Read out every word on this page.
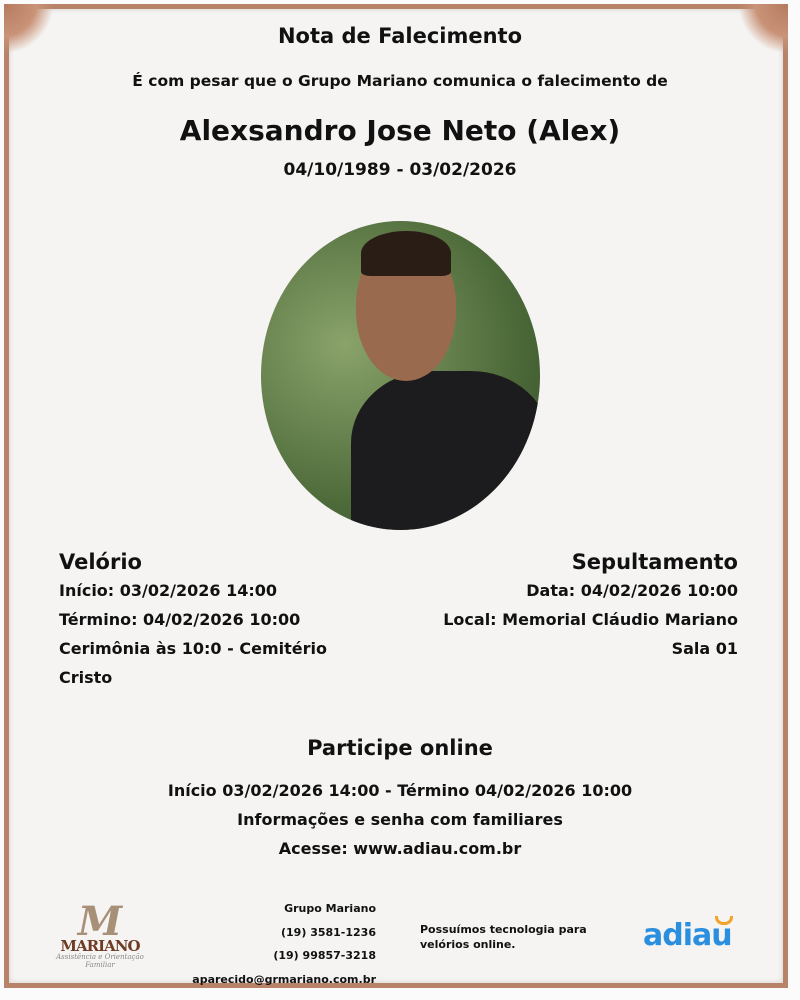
Nota de Falecimento
É com pesar que o Grupo Mariano comunica o falecimento de
Alexsandro Jose Neto (Alex)
04/10/1989 - 03/02/2026
Velório
Início: 03/02/2026 14:00
Término: 04/02/2026 10:00
Cerimônia às 10:0 - Cemitério Cristo
Sepultamento
Data: 04/02/2026 10:00
Local: Memorial Cláudio Mariano
Sala 01
Participe online
Início 03/02/2026 14:00 - Término 04/02/2026 10:00
Informações e senha com familiares
Acesse: www.adiau.com.br
M
MARIANO
Assistência e Orientação Familiar
Grupo Mariano
(19) 3581-1236
(19) 99857-3218
aparecido@grmariano.com.br
Possuímos tecnologia para velórios online.	adiau
